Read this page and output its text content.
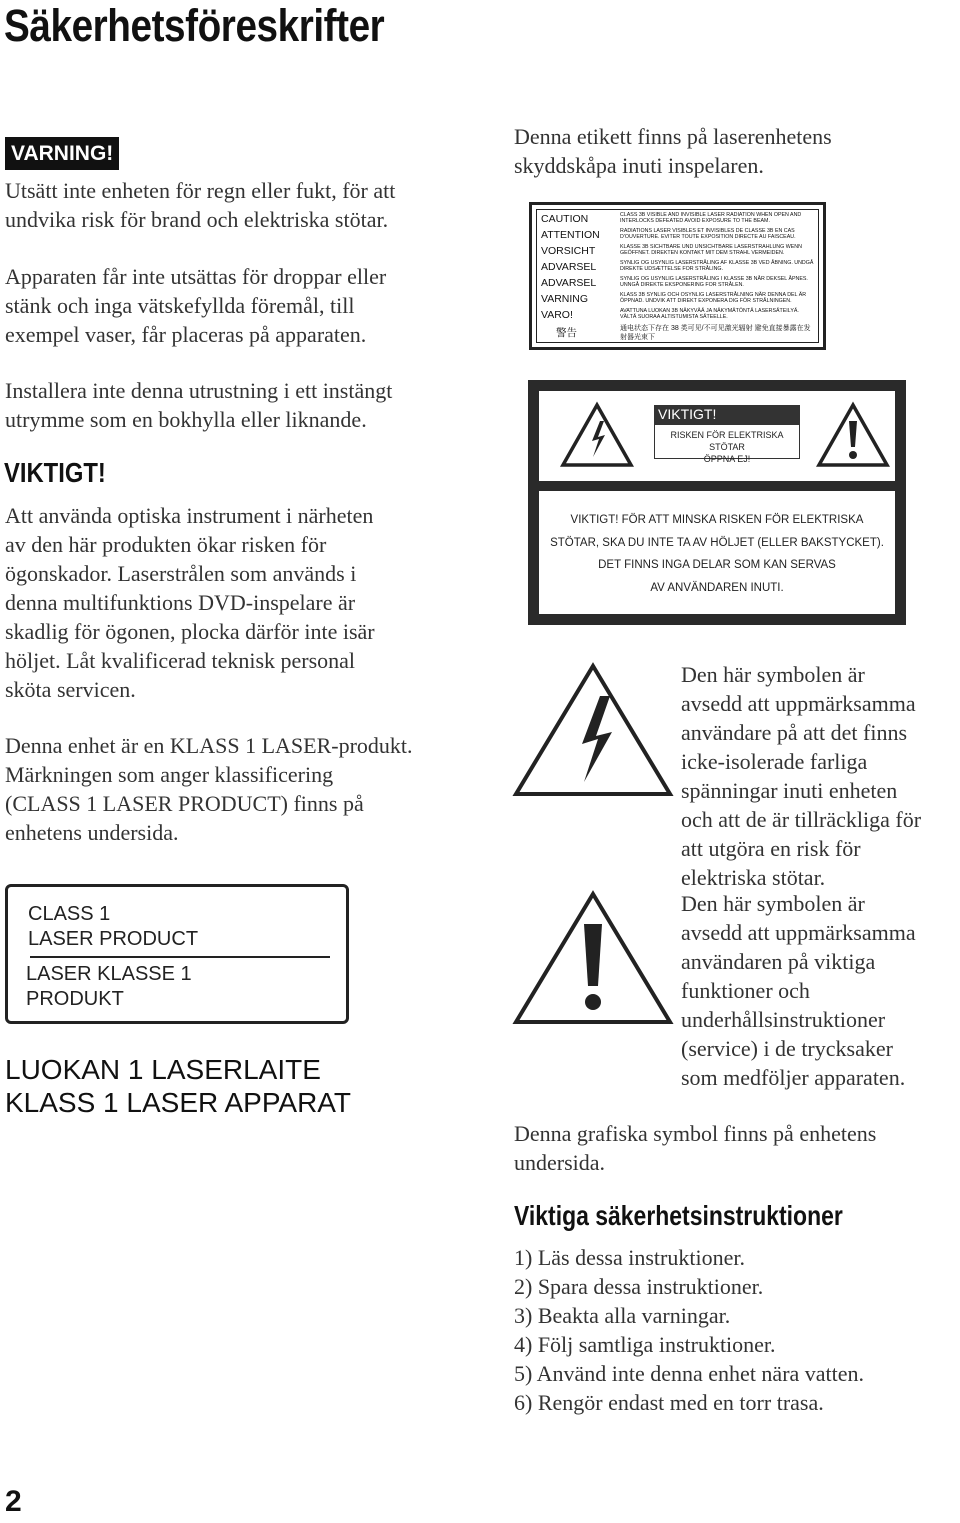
Säkerhetsföreskrifter
VARNING!

Utsätt inte enheten för regn eller fukt, för att
undvika risk för brand och elektriska stötar.

Apparaten får inte utsättas för droppar eller
stänk och inga vätskefyllda föremål, till
exempel vaser, får placeras på apparaten.

Installera inte denna utrustning i ett instängt
utrymme som en bokhylla eller liknande.

VIKTIGT!

Att använda optiska instrument i närheten
av den här produkten ökar risken för
ögonskador. Laserstrålen som används i
denna multifunktions DVD-inspelare är
skadlig för ögonen, plocka därför inte isär
höljet. Låt kvalificerad teknisk personal
sköta servicen.

Denna enhet är en KLASS 1 LASER-produkt.
Märkningen som anger klassificering
(CLASS 1 LASER PRODUCT) finns på
enhetens undersida.

CLASS 1
LASER PRODUCT
LASER KLASSE 1
PRODUKT
LUOKAN 1 LASERLAITE
KLASS 1 LASER APPARAT

Denna etikett finns på laserenhetens
skyddskåpa inuti inspelaren.

CAUTION
ATTENTION
VORSICHT
ADVARSEL
ADVARSEL
VARNING
VARO!
警告
CLASS 3B VISIBLE AND INVISIBLE LASER RADIATION WHEN OPEN AND INTERLOCKS DEFEATED AVOID EXPOSURE TO THE BEAM.
RADIATIONS LASER VISIBLES ET INVISIBLES DE CLASSE 3B EN CAS D'OUVERTURE. EVITER TOUTE EXPOSITION DIRECTE AU FAISCEAU.
KLASSE 3B SICHTBARE UND UNSICHTBARE LASERSTRAHLUNG WENN GEÖFFNET. DIREKTEN KONTAKT MIT DEM STRAHL VERMEIDEN.
SYNLIG OG USYNLIG LASERSTRÅLING AF KLASSE 3B VED ÅBNING. UNDGÅ DIREKTE UDSÆTTELSE FOR STRÅLING.
SYNLIG OG USYNLIG LASERSTRÅLING I KLASSE 3B NÅR DEKSEL ÅPNES. UNNGÅ DIREKTE EKSPONERING FOR STRÅLEN.
KLASS 3B SYNLIG OCH OSYNLIG LASERSTRÅLNING NÄR DENNA DEL ÄR ÖPPNAD. UNDVIK ATT DIREKT EXPONERA DIG FÖR STRÅLNINGEN.
AVATTUNA LUOKAN 3B NÄKYVÄÄ JA NÄKYMÄTÖNTÄ LASERSÄTEILYÄ. VÄLTÄ SUORAA ALTISTUMISTA SÄTEELLE.
通电状态下存在 38 类可见/不可见激光辐射 避免直接暴露在发射器光束下
VIKTIGT!
RISKEN FÖR ELEKTRISKA STÖTAR
ÖPPNA EJ!
VIKTIGT! FÖR ATT MINSKA RISKEN FÖR ELEKTRISKA
STÖTAR, SKA DU INTE TA AV HÖLJET (ELLER BAKSTYCKET).
DET FINNS INGA DELAR SOM KAN SERVAS
AV ANVÄNDAREN INUTI.

Den här symbolen är
avsedd att uppmärksamma
användare på att det finns
icke-isolerade farliga
spänningar inuti enheten
och att de är tillräckliga för
att utgöra en risk för
elektriska stötar.

Den här symbolen är
avsedd att uppmärksamma
användaren på viktiga
funktioner och
underhållsinstruktioner
(service) i de trycksaker
som medföljer apparaten.

Denna grafiska symbol finns på enhetens
undersida.

Viktiga säkerhetsinstruktioner
1) Läs dessa instruktioner.
2) Spara dessa instruktioner.
3) Beakta alla varningar.
4) Följ samtliga instruktioner.
5) Använd inte denna enhet nära vatten.
6) Rengör endast med en torr trasa.
2
